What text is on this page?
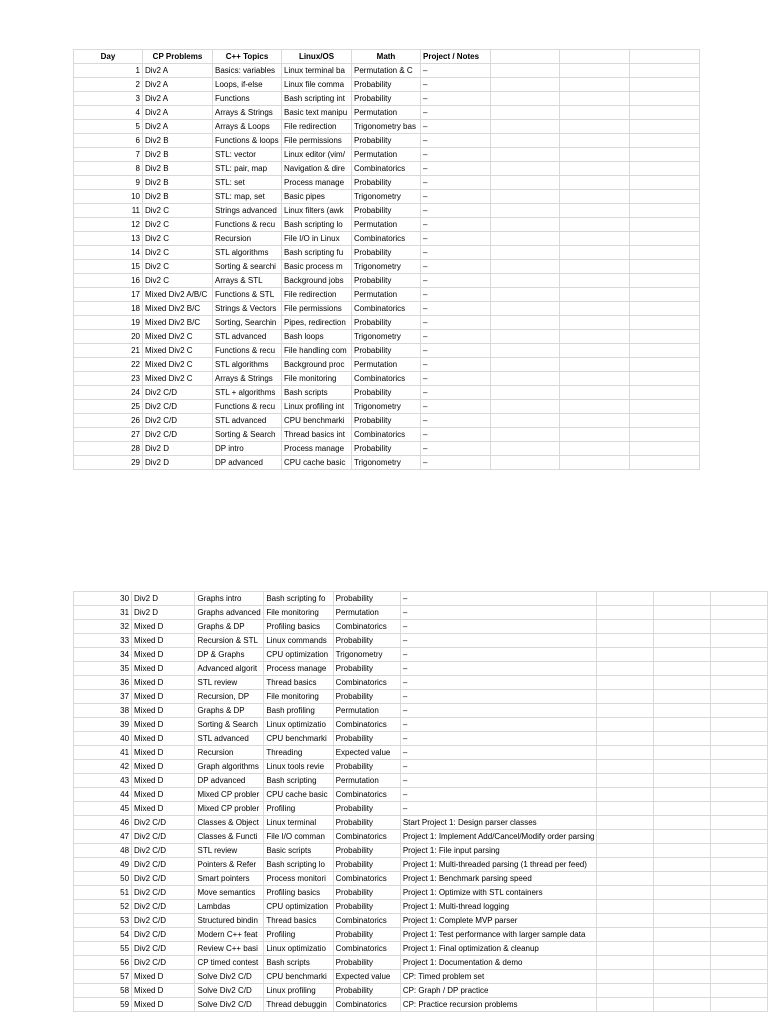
Day	CP Problems	C++ Topics	Linux/OS	Math	Project / Notes			
1	Div2 A	Basics: variables	Linux terminal ba	Permutation & C	–			
2	Div2 A	Loops, if-else	Linux file comma	Probability	–			
3	Div2 A	Functions	Bash scripting int	Probability	–			
4	Div2 A	Arrays & Strings	Basic text manipu	Permutation	–			
5	Div2 A	Arrays & Loops	File redirection	Trigonometry bas	–			
6	Div2 B	Functions & loops	File permissions	Probability	–			
7	Div2 B	STL: vector	Linux editor (vim/	Permutation	–			
8	Div2 B	STL: pair, map	Navigation & dire	Combinatorics	–			
9	Div2 B	STL: set	Process manage	Probability	–			
10	Div2 B	STL: map, set	Basic pipes	Trigonometry	–			
11	Div2 C	Strings advanced	Linux filters (awk	Probability	–			
12	Div2 C	Functions & recu	Bash scripting lo	Permutation	–			
13	Div2 C	Recursion	File I/O in Linux	Combinatorics	–			
14	Div2 C	STL algorithms	Bash scripting fu	Probability	–			
15	Div2 C	Sorting & searchi	Basic process m	Trigonometry	–			
16	Div2 C	Arrays & STL	Background jobs	Probability	–			
17	Mixed Div2 A/B/C	Functions & STL	File redirection	Permutation	–			
18	Mixed Div2 B/C	Strings & Vectors	File permissions	Combinatorics	–			
19	Mixed Div2 B/C	Sorting, Searchin	Pipes, redirection	Probability	–			
20	Mixed Div2 C	STL advanced	Bash loops	Trigonometry	–			
21	Mixed Div2 C	Functions & recu	File handling com	Probability	–			
22	Mixed Div2 C	STL algorithms	Background proc	Permutation	–			
23	Mixed Div2 C	Arrays & Strings	File monitoring	Combinatorics	–			
24	Div2 C/D	STL + algorithms	Bash scripts	Probability	–			
25	Div2 C/D	Functions & recu	Linux profiling int	Trigonometry	–			
26	Div2 C/D	STL advanced	CPU benchmarki	Probability	–			
27	Div2 C/D	Sorting & Search	Thread basics int	Combinatorics	–			
28	Div2 D	DP intro	Process manage	Probability	–			
29	Div2 D	DP advanced	CPU cache basic	Trigonometry	–			
30	Div2 D	Graphs intro	Bash scripting fo	Probability	–			
31	Div2 D	Graphs advanced	File monitoring	Permutation	–			
32	Mixed D	Graphs & DP	Profiling basics	Combinatorics	–			
33	Mixed D	Recursion & STL	Linux commands	Probability	–			
34	Mixed D	DP & Graphs	CPU optimization	Trigonometry	–			
35	Mixed D	Advanced algorit	Process manage	Probability	–			
36	Mixed D	STL review	Thread basics	Combinatorics	–			
37	Mixed D	Recursion, DP	File monitoring	Probability	–			
38	Mixed D	Graphs & DP	Bash profiling	Permutation	–			
39	Mixed D	Sorting & Search	Linux optimizatio	Combinatorics	–			
40	Mixed D	STL advanced	CPU benchmarki	Probability	–			
41	Mixed D	Recursion	Threading	Expected value	–			
42	Mixed D	Graph algorithms	Linux tools revie	Probability	–			
43	Mixed D	DP advanced	Bash scripting	Permutation	–			
44	Mixed D	Mixed CP probler	CPU cache basic	Combinatorics	–			
45	Mixed D	Mixed CP probler	Profiling	Probability	–			
46	Div2 C/D	Classes & Object	Linux terminal	Probability	Start Project 1: Design parser classes			
47	Div2 C/D	Classes & Functi	File I/O comman	Combinatorics	Project 1: Implement Add/Cancel/Modify order parsing			
48	Div2 C/D	STL review	Basic scripts	Probability	Project 1: File input parsing			
49	Div2 C/D	Pointers & Refer	Bash scripting lo	Probability	Project 1: Multi-threaded parsing (1 thread per feed)			
50	Div2 C/D	Smart pointers	Process monitori	Combinatorics	Project 1: Benchmark parsing speed			
51	Div2 C/D	Move semantics	Profiling basics	Probability	Project 1: Optimize with STL containers			
52	Div2 C/D	Lambdas	CPU optimization	Probability	Project 1: Multi-thread logging			
53	Div2 C/D	Structured bindin	Thread basics	Combinatorics	Project 1: Complete MVP parser			
54	Div2 C/D	Modern C++ feat	Profiling	Probability	Project 1: Test performance with larger sample data			
55	Div2 C/D	Review C++ basi	Linux optimizatio	Combinatorics	Project 1: Final optimization & cleanup			
56	Div2 C/D	CP timed contest	Bash scripts	Probability	Project 1: Documentation & demo			
57	Mixed D	Solve Div2 C/D	CPU benchmarki	Expected value	CP: Timed problem set			
58	Mixed D	Solve Div2 C/D	Linux profiling	Probability	CP: Graph / DP practice			
59	Mixed D	Solve Div2 C/D	Thread debuggin	Combinatorics	CP: Practice recursion problems			
